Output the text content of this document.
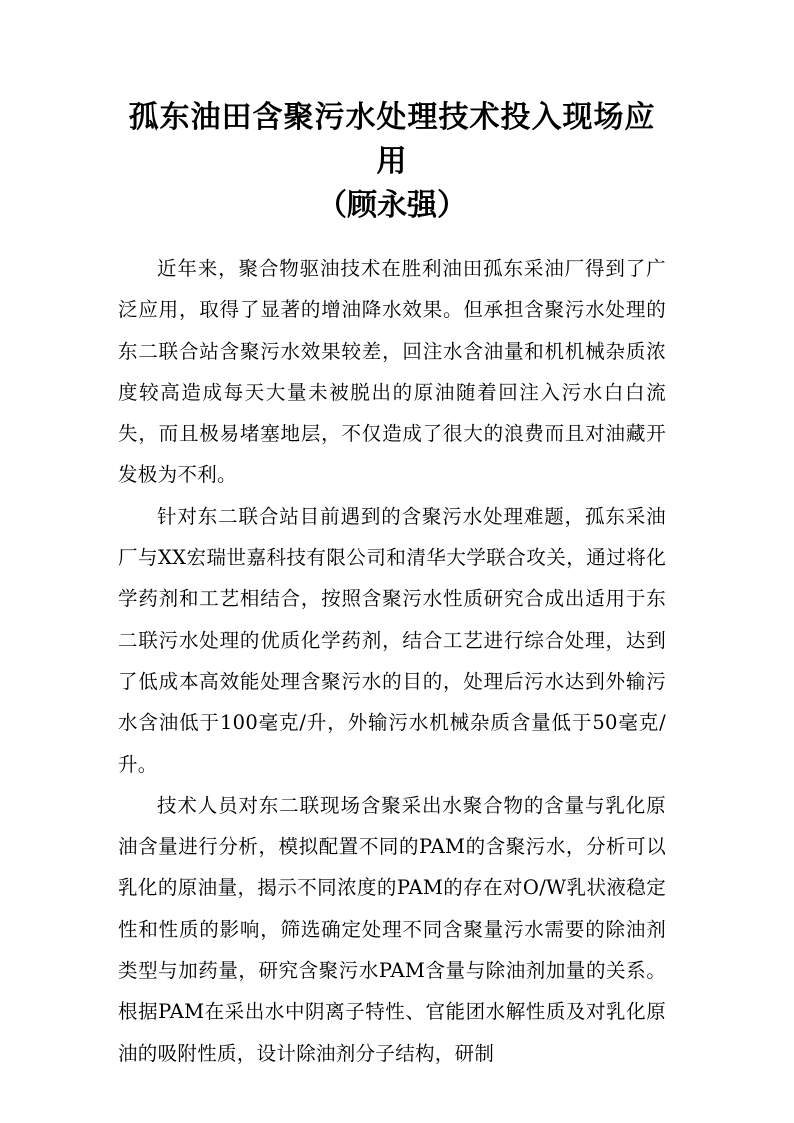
孤东油田含聚污水处理技术投入现场应用
（顾永强）

近年来，聚合物驱油技术在胜利油田孤东采油厂得到了广泛应用，取得了显著的增油降水效果。但承担含聚污水处理的东二联合站含聚污水效果较差，回注水含油量和机机械杂质浓度较高造成每天大量未被脱出的原油随着回注入污水白白流失，而且极易堵塞地层，不仅造成了很大的浪费而且对油藏开发极为不利。

针对东二联合站目前遇到的含聚污水处理难题，孤东采油厂与XX宏瑞世嘉科技有限公司和清华大学联合攻关，通过将化学药剂和工艺相结合，按照含聚污水性质研究合成出适用于东二联污水处理的优质化学药剂，结合工艺进行综合处理，达到了低成本高效能处理含聚污水的目的，处理后污水达到外输污水含油低于100毫克/升，外输污水机械杂质含量低于50毫克/升。

技术人员对东二联现场含聚采出水聚合物的含量与乳化原油含量进行分析，模拟配置不同的PAM的含聚污水，分析可以乳化的原油量，揭示不同浓度的PAM的存在对O/W乳状液稳定性和性质的影响，筛选确定处理不同含聚量污水需要的除油剂类型与加药量，研究含聚污水PAM含量与除油剂加量的关系。根据PAM在采出水中阴离子特性、官能团水解性质及对乳化原油的吸附性质，设计除油剂分子结构，研制
